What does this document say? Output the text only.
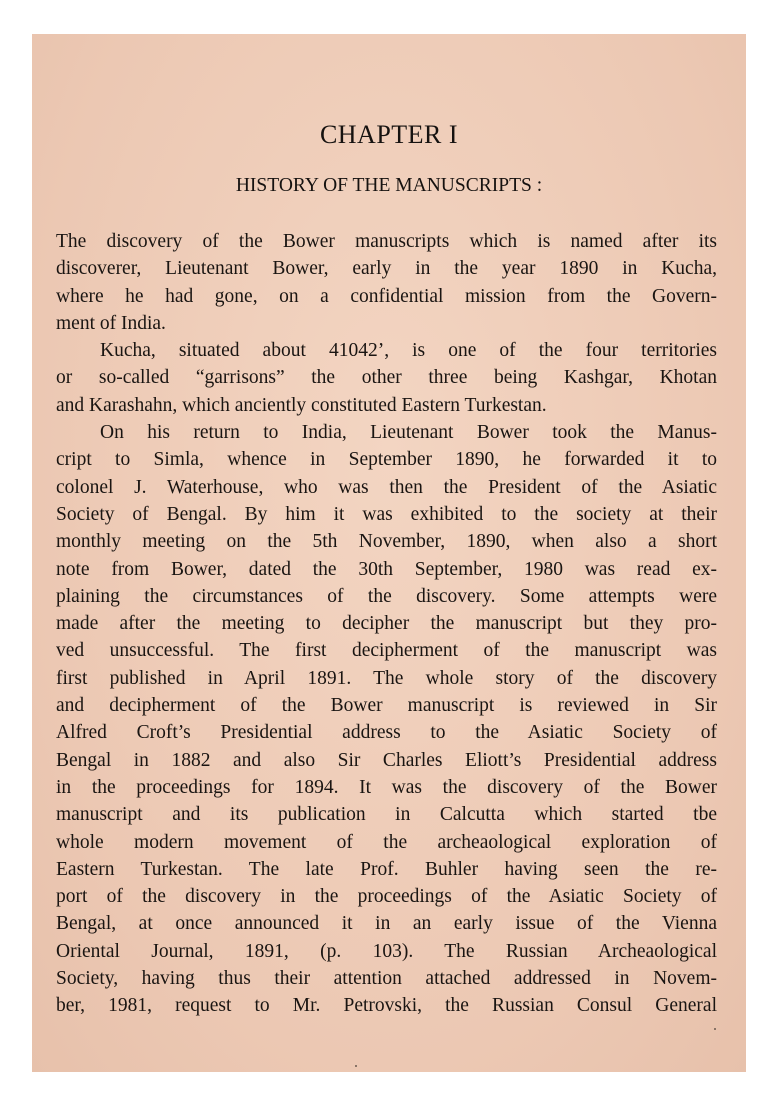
CHAPTER I
HISTORY OF THE MANUSCRIPTS :
The discovery of the Bower manuscripts which is named after its
discoverer, Lieutenant Bower, early in the year 1890 in Kucha,
where he had gone, on a confidential mission from the Govern-
ment of India.
Kucha, situated about 41042’, is one of the four territories
or so-called “garrisons” the other three being Kashgar, Khotan
and Karashahn, which anciently constituted Eastern Turkestan.
On his return to India, Lieutenant Bower took the Manus-
cript to Simla, whence in September 1890, he forwarded it to
colonel J. Waterhouse, who was then the President of the Asiatic
Society of Bengal. By him it was exhibited to the society at their
monthly meeting on the 5th November, 1890, when also a short
note from Bower, dated the 30th September, 1980 was read ex-
plaining the circumstances of the discovery. Some attempts were
made after the meeting to decipher the manuscript but they pro-
ved unsuccessful. The first decipherment of the manuscript was
first published in April 1891. The whole story of the discovery
and decipherment of the Bower manuscript is reviewed in Sir
Alfred Croft’s Presidential address to the Asiatic Society of
Bengal in 1882 and also Sir Charles Eliott’s Presidential address
in the proceedings for 1894. It was the discovery of the Bower
manuscript and its publication in Calcutta which started tbe
whole modern movement of the archeaological exploration of
Eastern Turkestan. The late Prof. Buhler having seen the re-
port of the discovery in the proceedings of the Asiatic Society of
Bengal, at once announced it in an early issue of the Vienna
Oriental Journal, 1891, (p. 103). The Russian Archeaological
Society, having thus their attention attached addressed in Novem-
ber, 1981, request to Mr. Petrovski, the Russian Consul General
